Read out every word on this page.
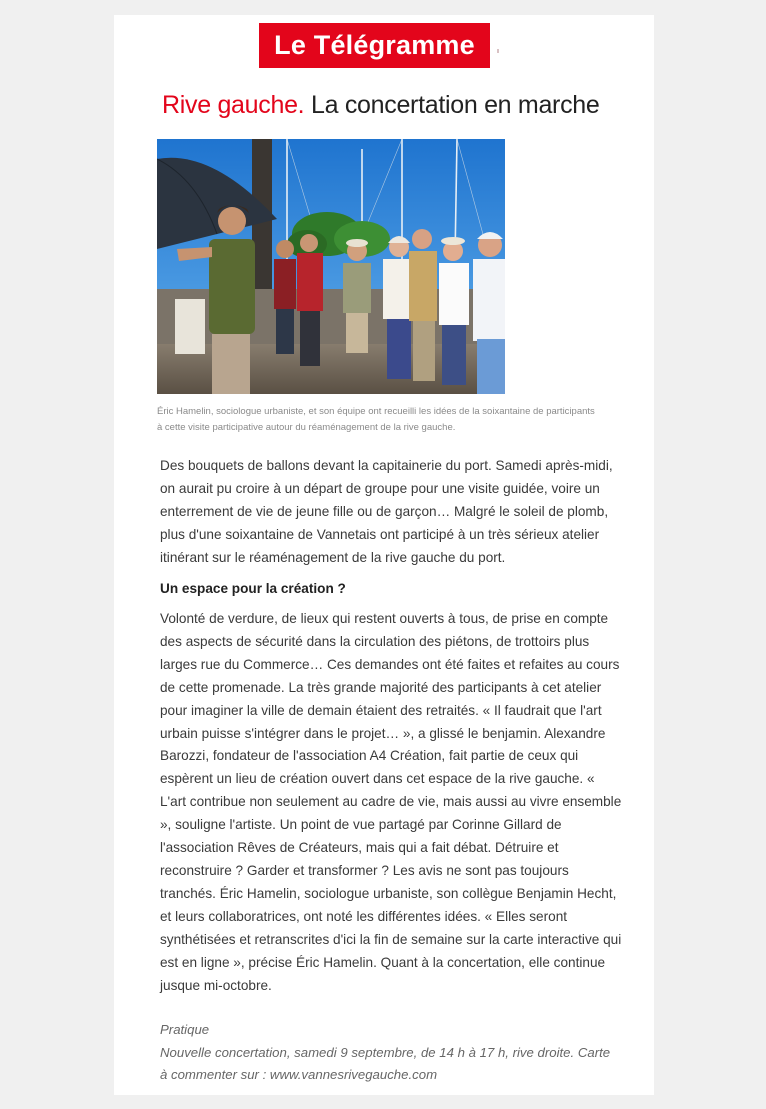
Le Télégramme
Rive gauche. La concertation en marche
Éric Hamelin, sociologue urbaniste, et son équipe ont recueilli les idées de la soixantaine de participants à cette visite participative autour du réaménagement de la rive gauche.

Des bouquets de ballons devant la capitainerie du port. Samedi après-midi, on aurait pu croire à un départ de groupe pour une visite guidée, voire un enterrement de vie de jeune fille ou de garçon… Malgré le soleil de plomb, plus d'une soixantaine de Vannetais ont participé à un très sérieux atelier itinérant sur le réaménagement de la rive gauche du port.

Un espace pour la création ?

Volonté de verdure, de lieux qui restent ouverts à tous, de prise en compte des aspects de sécurité dans la circulation des piétons, de trottoirs plus larges rue du Commerce… Ces demandes ont été faites et refaites au cours de cette promenade. La très grande majorité des participants à cet atelier pour imaginer la ville de demain étaient des retraités. « Il faudrait que l'art urbain puisse s'intégrer dans le projet… », a glissé le benjamin. Alexandre Barozzi, fondateur de l'association A4 Création, fait partie de ceux qui espèrent un lieu de création ouvert dans cet espace de la rive gauche. « L'art contribue non seulement au cadre de vie, mais aussi au vivre ensemble », souligne l'artiste. Un point de vue partagé par Corinne Gillard de l'association Rêves de Créateurs, mais qui a fait débat. Détruire et reconstruire ? Garder et transformer ? Les avis ne sont pas toujours tranchés. Éric Hamelin, sociologue urbaniste, son collègue Benjamin Hecht, et leurs collaboratrices, ont noté les différentes idées. « Elles seront synthétisées et retranscrites d'ici la fin de semaine sur la carte interactive qui est en ligne », précise Éric Hamelin. Quant à la concertation, elle continue jusque mi-octobre.

Pratique
Nouvelle concertation, samedi 9 septembre, de 14 h à 17 h, rive droite. Carte
à commenter sur : www.vannesrivegauche.com
